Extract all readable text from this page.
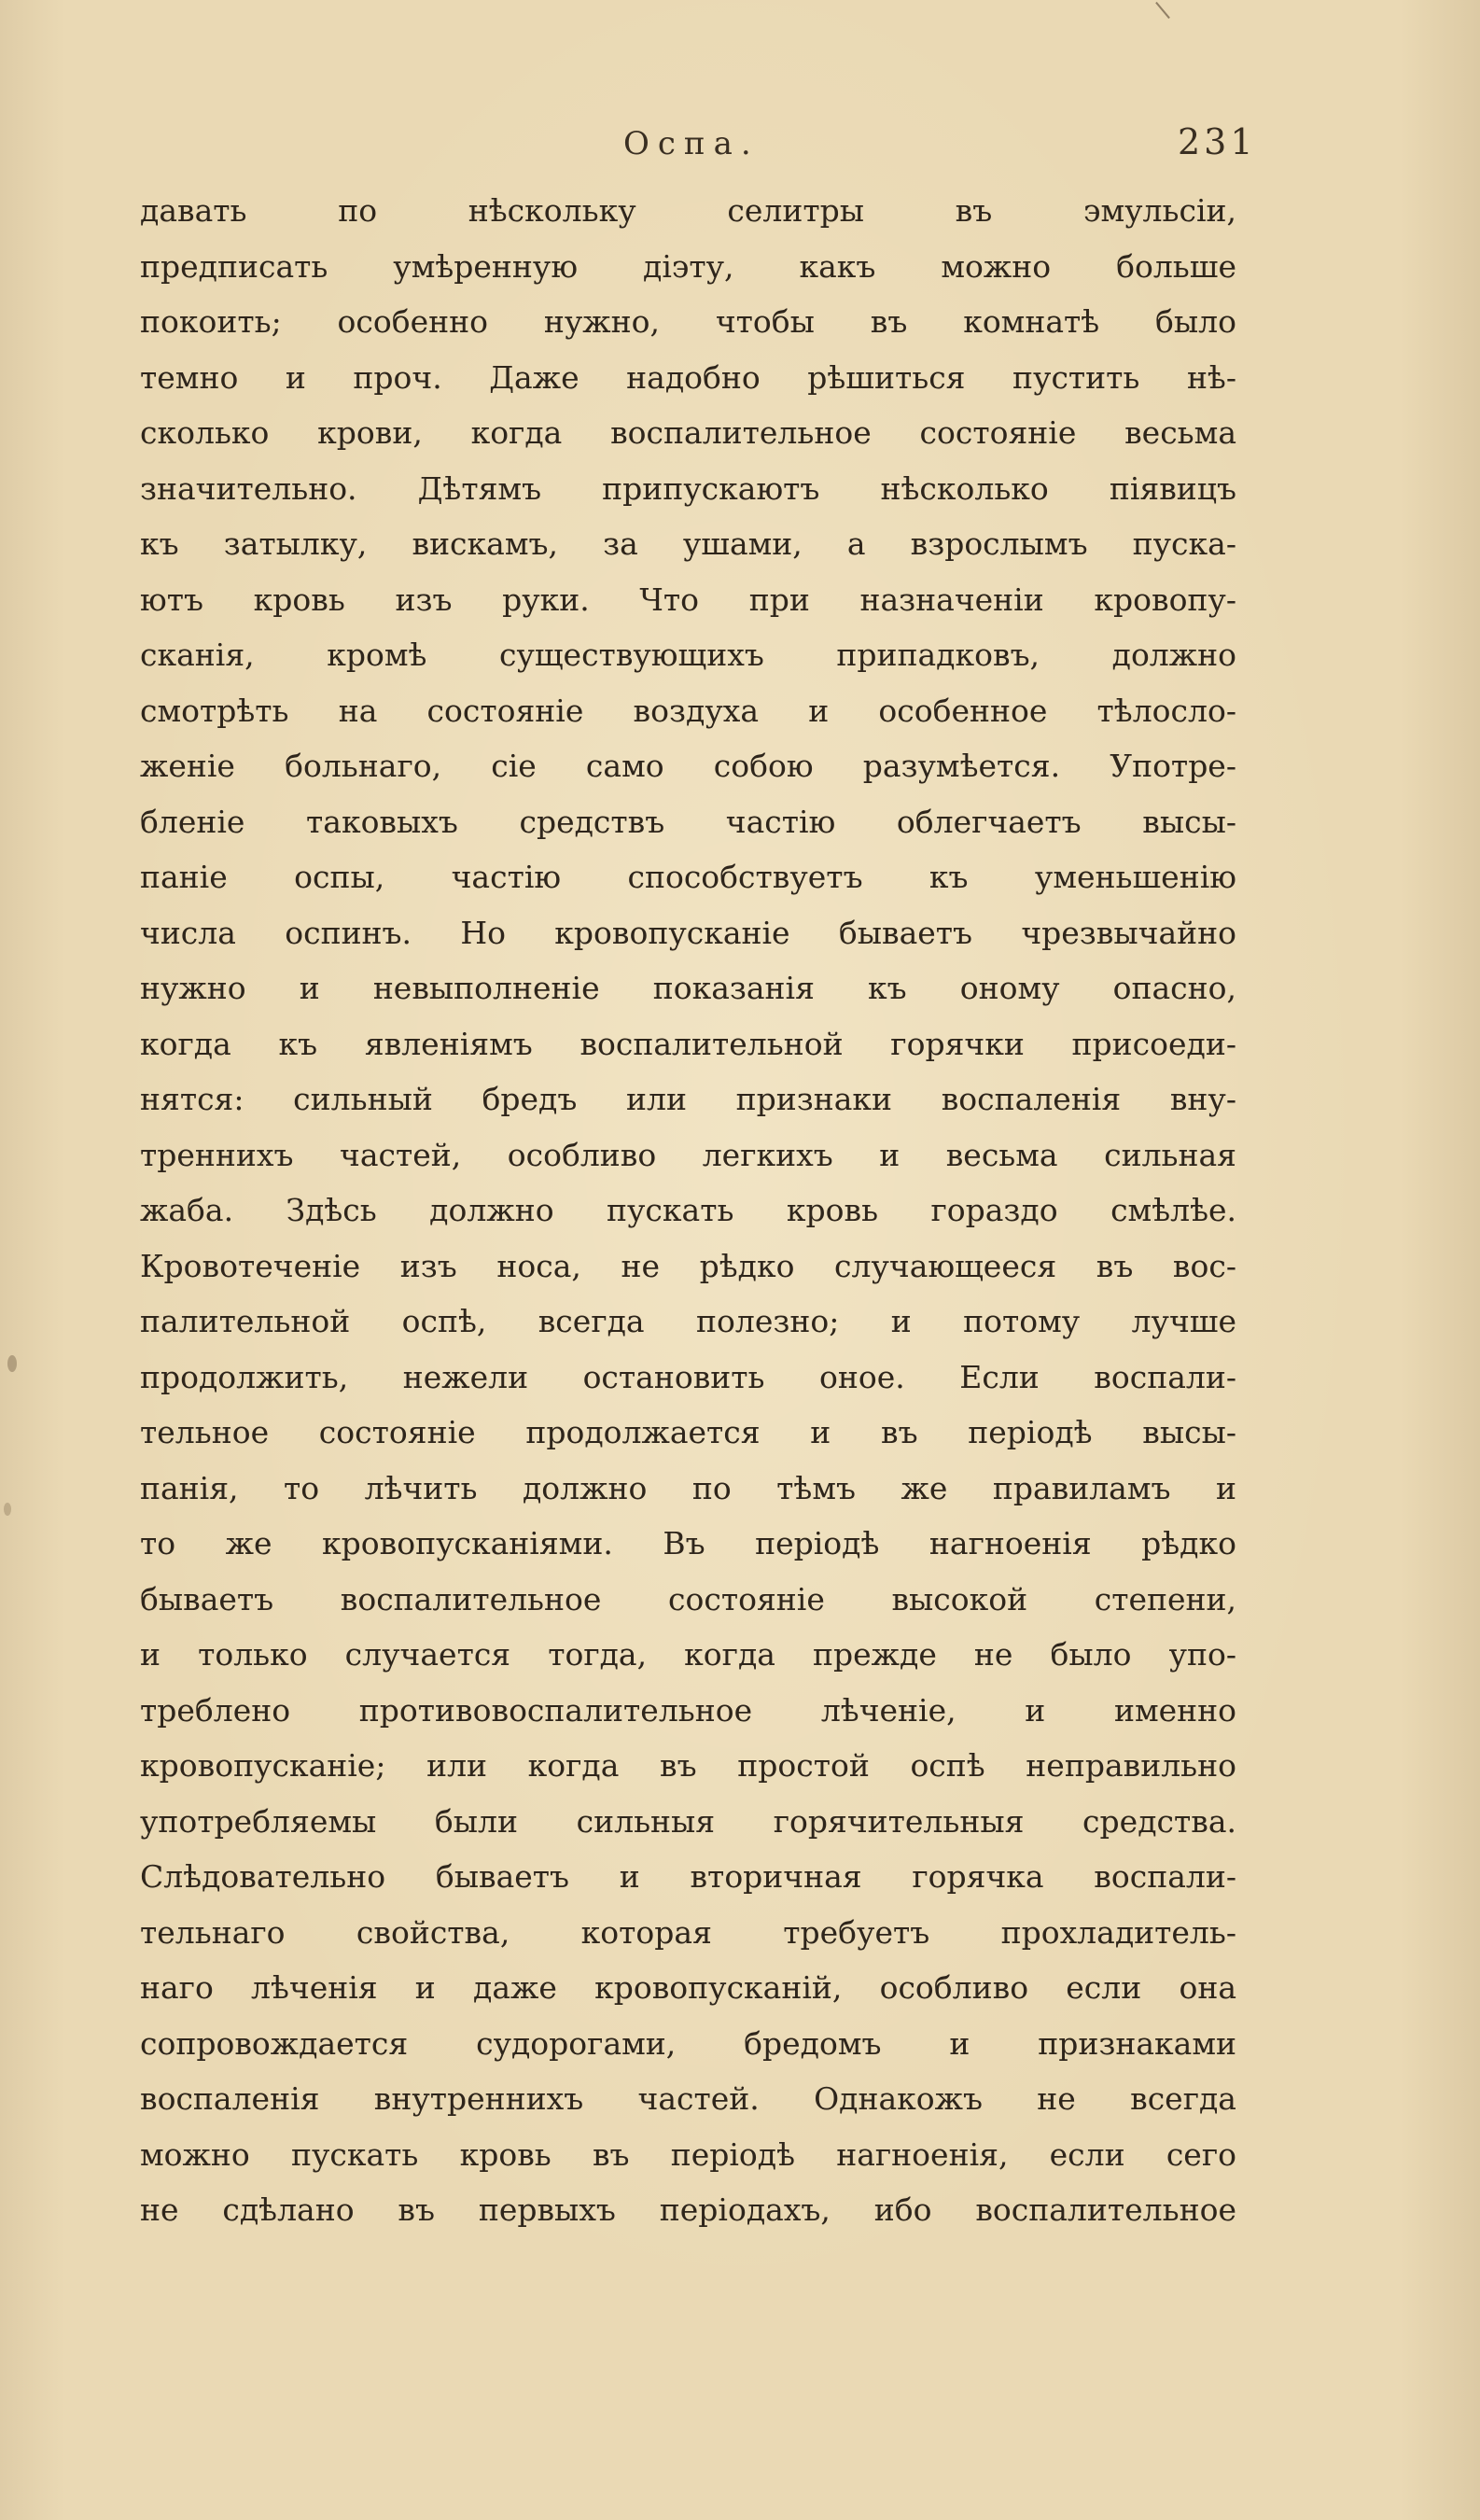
Оспа.	231
давать по нѣскольку селитры въ эмульсіи,
предписать умѣренную діэту, какъ можно больше
покоить; особенно нужно, чтобы въ комнатѣ было
темно и проч. Даже надобно рѣшиться пустить нѣ-
сколько крови, когда воспалительное состояніе весьма
значительно. Дѣтямъ припускаютъ нѣсколько піявицъ
къ затылку, вискамъ, за ушами, а взрослымъ пуска-
ютъ кровь изъ руки. Что при назначеніи кровопу-
сканія, кромѣ существующихъ припадковъ, должно
смотрѣть на состояніе воздуха и особенное тѣлосло-
женіе больнаго, сіе само собою разумѣется. Употре-
бленіе таковыхъ средствъ частію облегчаетъ высы-
паніе оспы, частію способствуетъ къ уменьшенію
числа оспинъ. Но кровопусканіе бываетъ чрезвычайно
нужно и невыполненіе показанія къ оному опасно,
когда къ явленіямъ воспалительной горячки присоеди-
нятся: сильный бредъ или признаки воспаленія вну-
треннихъ частей, особливо легкихъ и весьма сильная
жаба. Здѣсь должно пускать кровь гораздо смѣлѣе.
Кровотеченіе изъ носа, не рѣдко случающееся въ вос-
палительной оспѣ, всегда полезно; и потому лучше
продолжить, нежели остановить оное. Если воспали-
тельное состояніе продолжается и въ періодѣ высы-
панія, то лѣчить должно по тѣмъ же правиламъ и
то же кровопусканіями. Въ періодѣ нагноенія рѣдко
бываетъ воспалительное состояніе высокой степени,
и только случается тогда, когда прежде не было упо-
треблено противовоспалительное лѣченіе, и именно
кровопусканіе; или когда въ простой оспѣ неправильно
употребляемы были сильныя горячительныя средства.
Слѣдовательно бываетъ и вторичная горячка воспали-
тельнаго свойства, которая требуетъ прохладитель-
наго лѣченія и даже кровопусканій, особливо если она
сопровождается судорогами, бредомъ и признаками
воспаленія внутреннихъ частей. Однакожъ не всегда
можно пускать кровь въ періодѣ нагноенія, если сего
не сдѣлано въ первыхъ періодахъ, ибо воспалительное
